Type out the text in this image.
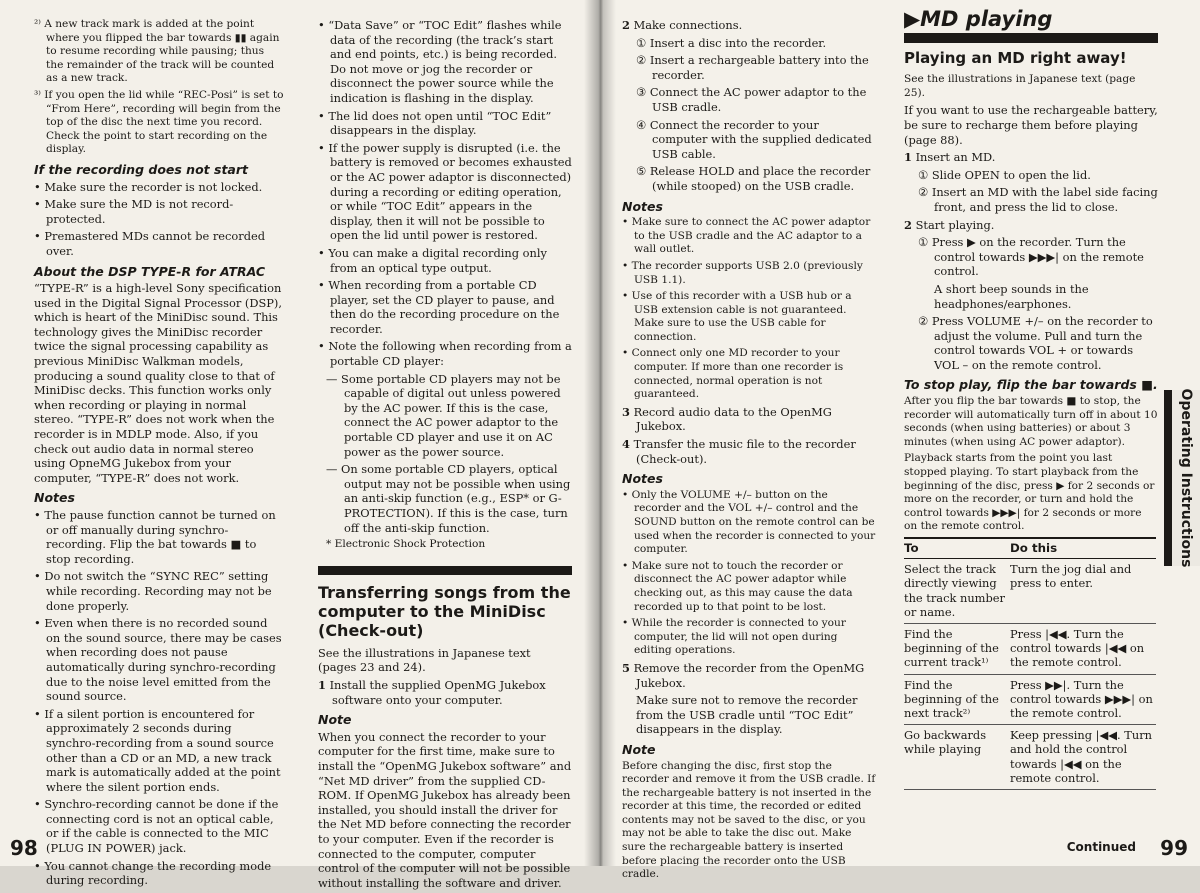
²⁾ A new track mark is added at the point where you flipped the bar towards ▮▮ again to resume recording while pausing; thus the remainder of the track will be counted as a new track.

³⁾ If you open the lid while “REC-Posi” is set to “From Here”, recording will begin from the top of the disc the next time you record. Check the point to start recording on the display.

If the recording does not start

• Make sure the recorder is not locked.

• Make sure the MD is not record-protected.

• Premastered MDs cannot be recorded over.

About the DSP TYPE-R for ATRAC

“TYPE-R” is a high-level Sony specification used in the Digital Signal Processor (DSP), which is heart of the MiniDisc sound. This technology gives the MiniDisc recorder twice the signal processing capability as previous MiniDisc Walkman models, producing a sound quality close to that of MiniDisc decks. This function works only when recording or playing in normal stereo. “TYPE-R” does not work when the recorder is in MDLP mode. Also, if you check out audio data in normal stereo using OpneMG Jukebox from your computer, “TYPE-R” does not work.

Notes

• The pause function cannot be turned on or off manually during synchro-recording. Flip the bat towards ■ to stop recording.

• Do not switch the “SYNC REC” setting while recording. Recording may not be done properly.

• Even when there is no recorded sound on the sound source, there may be cases when recording does not pause automatically during synchro-recording due to the noise level emitted from the sound source.

• If a silent portion is encountered for approximately 2 seconds during synchro-recording from a sound source other than a CD or an MD, a new track mark is automatically added at the point where the silent portion ends.

• Synchro-recording cannot be done if the connecting cord is not an optical cable, or if the cable is connected to the MIC (PLUG IN POWER) jack.

• You cannot change the recording mode during recording.

• “Data Save” or “TOC Edit” flashes while data of the recording (the track’s start and end points, etc.) is being recorded. Do not move or jog the recorder or disconnect the power source while the indication is flashing in the display.

• The lid does not open until “TOC Edit” disappears in the display.

• If the power supply is disrupted (i.e. the battery is removed or becomes exhausted or the AC power adaptor is disconnected) during a recording or editing operation, or while “TOC Edit” appears in the display, then it will not be possible to open the lid until power is restored.

• You can make a digital recording only from an optical type output.

• When recording from a portable CD player, set the CD player to pause, and then do the recording procedure on the recorder.

• Note the following when recording from a portable CD player:

— Some portable CD players may not be capable of digital out unless powered by the AC power. If this is the case, connect the AC power adaptor to the portable CD player and use it on AC power as the power source.

— On some portable CD players, optical output may not be possible when using an anti-skip function (e.g., ESP* or G-PROTECTION). If this is the case, turn off the anti-skip function.

* Electronic Shock Protection

Transferring songs from the computer to the MiniDisc (Check-out)

See the illustrations in Japanese text (pages 23 and 24).

1 Install the supplied OpenMG Jukebox software onto your computer.

Note

When you connect the recorder to your computer for the first time, make sure to install the “OpenMG Jukebox software” and “Net MD driver” from the supplied CD-ROM. If OpenMG Jukebox has already been installed, you should install the driver for the Net MD before connecting the recorder to your computer. Even if the recorder is connected to the computer, computer control of the computer will not be possible without installing the software and driver.

98

2 Make connections.

① Insert a disc into the recorder.

② Insert a rechargeable battery into the recorder.

③ Connect the AC power adaptor to the USB cradle.

④ Connect the recorder to your computer with the supplied dedicated USB cable.

⑤ Release HOLD and place the recorder (while stooped) on the USB cradle.

Notes

• Make sure to connect the AC power adaptor to the USB cradle and the AC adaptor to a wall outlet.

• The recorder supports USB 2.0 (previously USB 1.1).

• Use of this recorder with a USB hub or a USB extension cable is not guaranteed. Make sure to use the USB cable for connection.

• Connect only one MD recorder to your computer. If more than one recorder is connected, normal operation is not guaranteed.

3 Record audio data to the OpenMG Jukebox.

4 Transfer the music file to the recorder (Check-out).

Notes

• Only the VOLUME +/– button on the recorder and the VOL +/– control and the SOUND button on the remote control can be used when the recorder is connected to your computer.

• Make sure not to touch the recorder or disconnect the AC power adaptor while checking out, as this may cause the data recorded up to that point to be lost.

• While the recorder is connected to your computer, the lid will not open during editing operations.

5 Remove the recorder from the OpenMG Jukebox.

Make sure not to remove the recorder from the USB cradle until “TOC Edit” disappears in the display.

Note

Before changing the disc, first stop the recorder and remove it from the USB cradle. If the rechargeable battery is not inserted in the recorder at this time, the recorded or edited contents may not be saved to the disc, or you may not be able to take the disc out. Make sure the rechargeable battery is inserted before placing the recorder onto the USB cradle.

▶MD playing
Playing an MD right away!

See the illustrations in Japanese text (page 25).

If you want to use the rechargeable battery, be sure to recharge them before playing (page 88).

1 Insert an MD.

① Slide OPEN to open the lid.

② Insert an MD with the label side facing front, and press the lid to close.

2 Start playing.

① Press ▶ on the recorder. Turn the control towards ▶▶▶| on the remote control.

A short beep sounds in the headphones/earphones.

② Press VOLUME +/– on the recorder to adjust the volume. Pull and turn the control towards VOL + or towards VOL – on the remote control.

To stop play, flip the bar towards ■.

After you flip the bar towards ■ to stop, the recorder will automatically turn off in about 10 seconds (when using batteries) or about 3 minutes (when using AC power adaptor).

Playback starts from the point you last stopped playing. To start playback from the beginning of the disc, press ▶ for 2 seconds or more on the recorder, or turn and hold the control towards ▶▶▶| for 2 seconds or more on the remote control.

To	Do this
Select the track directly viewing the track number or name.	Turn the jog dial and press to enter.
Find the beginning of the current track¹⁾	Press |◀◀. Turn the control towards |◀◀ on the remote control.
Find the beginning of the next track²⁾	Press ▶▶|. Turn the control towards ▶▶▶| on the remote control.
Go backwards while playing	Keep pressing |◀◀. Turn and hold the control towards |◀◀ on the remote control.
Operating Instructions
Continued 99
